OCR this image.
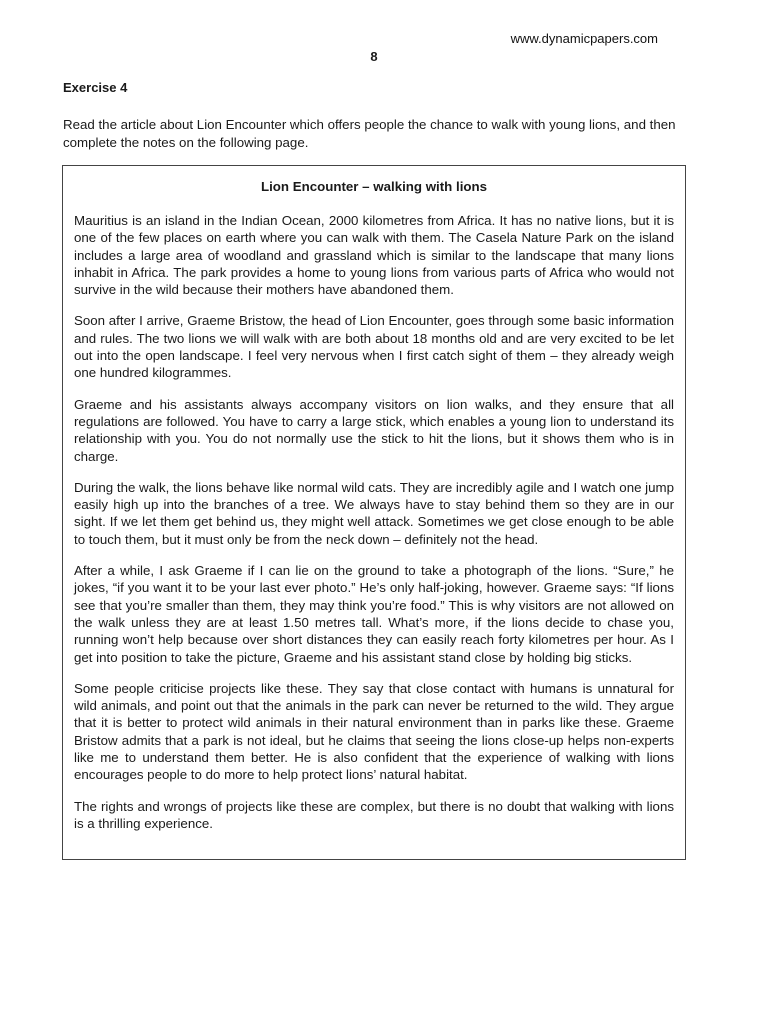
www.dynamicpapers.com
8
Exercise 4

Read the article about Lion Encounter which offers people the chance to walk with young lions, and then complete the notes on the following page.

Lion Encounter – walking with lions

Mauritius is an island in the Indian Ocean, 2000 kilometres from Africa. It has no native lions, but it is one of the few places on earth where you can walk with them. The Casela Nature Park on the island includes a large area of woodland and grassland which is similar to the landscape that many lions inhabit in Africa. The park provides a home to young lions from various parts of Africa who would not survive in the wild because their mothers have abandoned them.

Soon after I arrive, Graeme Bristow, the head of Lion Encounter, goes through some basic information and rules. The two lions we will walk with are both about 18 months old and are very excited to be let out into the open landscape. I feel very nervous when I first catch sight of them – they already weigh one hundred kilogrammes.

Graeme and his assistants always accompany visitors on lion walks, and they ensure that all regulations are followed. You have to carry a large stick, which enables a young lion to understand its relationship with you. You do not normally use the stick to hit the lions, but it shows them who is in charge.

During the walk, the lions behave like normal wild cats. They are incredibly agile and I watch one jump easily high up into the branches of a tree. We always have to stay behind them so they are in our sight. If we let them get behind us, they might well attack. Sometimes we get close enough to be able to touch them, but it must only be from the neck down – definitely not the head.

After a while, I ask Graeme if I can lie on the ground to take a photograph of the lions. “Sure,” he jokes, “if you want it to be your last ever photo.” He’s only half-joking, however. Graeme says: “If lions see that you’re smaller than them, they may think you’re food.” This is why visitors are not allowed on the walk unless they are at least 1.50 metres tall. What’s more, if the lions decide to chase you, running won’t help because over short distances they can easily reach forty kilometres per hour. As I get into position to take the picture, Graeme and his assistant stand close by holding big sticks.

Some people criticise projects like these. They say that close contact with humans is unnatural for wild animals, and point out that the animals in the park can never be returned to the wild. They argue that it is better to protect wild animals in their natural environment than in parks like these. Graeme Bristow admits that a park is not ideal, but he claims that seeing the lions close-up helps non-experts like me to understand them better. He is also confident that the experience of walking with lions encourages people to do more to help protect lions’ natural habitat.

The rights and wrongs of projects like these are complex, but there is no doubt that walking with lions is a thrilling experience.
